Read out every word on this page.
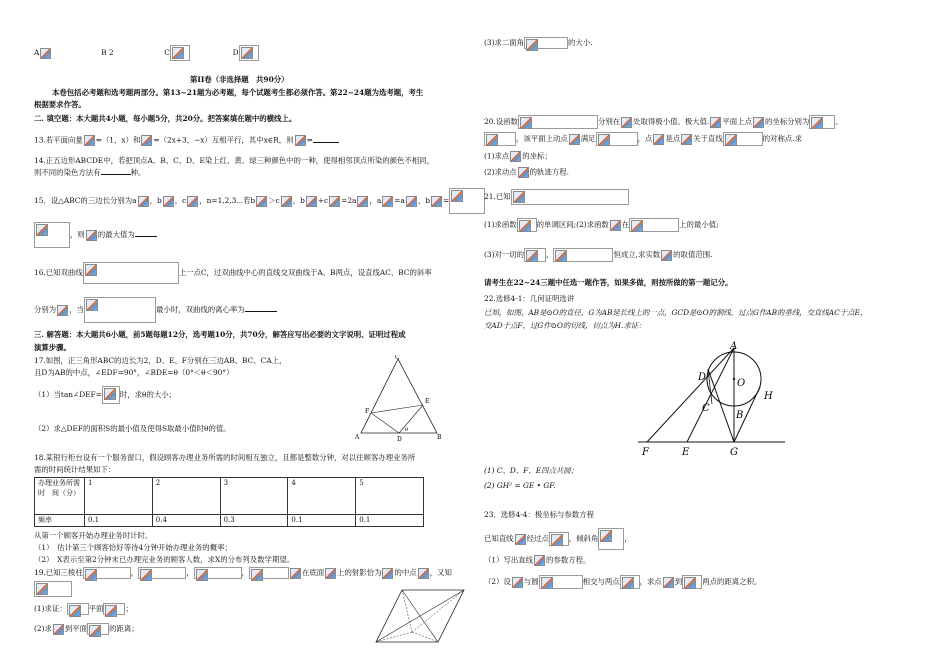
A	B 2	C	D
第II卷（非选择题　共90分）
本卷包括必考题和选考题两部分。第13~21题为必考题，每个试题考生都必须作答。第22~24题为选考题，考生
根据要求作答。
二. 填空题：本大题共4小题，每小题5分，共20分。把答案填在题中的横线上。
13.若平面向量 =（1，x）和 =（2x+3，−x）互相平行，其中x∈R，则 =
14.正五边形ABCDE中，若把顶点A、B、C、D、E染上红、黄、绿三种颜色中的一种，使得相邻顶点所染的颜色不相同，
则不同的染色方法有	种。
15．设△ABC的三边长分别为a ，b ，c ，n=1,2,3⋯若b ＞c ，b +c =2a ，a =a ，b =
，则 的最大值为
16.已知双曲线	上一点C，过双曲线中心的直线交双曲线于A、B两点，设直线AC、BC的斜率
分别为 ，当	最小时，双曲线的离心率为
三. 解答题：本大题共6小题，前5题每题12分，选考题10分，共70分，解答应写出必要的文字说明、证明过程或
演算步骤。
17.如图，正三角形ABC的边长为2，D、E、F分别在三边AB、BC、CA上，
且D为AB的中点，∠EDF=90°，∠BDE=θ（0°＜θ＜90°）
（1）当tan∠DEF= 时，求θ的大小；
（2）求△DEF的面积S的最小值及使得S取最小值时θ的值。
C
A	B
D
E
F
θ
18.某银行柜台设有一个服务窗口，假设顾客办理业务所需的时间相互独立，且都是整数分钟，对以往顾客办理业务所
需的时间统计结果如下：
办理业务所需　时　间（分）	1	2	3	4	5
频率	0.1	0.4	0.3	0.1	0.1
从第一个顾客开始办理业务时计时。
（1）　估计第三个顾客恰好等待4分钟开始办理业务的概率；
（2）　X表示至第2分钟末已办理完业务的顾客人数，求X的分布列及数学期望。
19.已知三棱柱	，	，	，	在底面 上的射影恰为 的中点 ，又知
(1)求证：	平面	；
(2)求 到平面	的距离；
(3)求二面角	的大小.
20.设函数	分别在 处取得极小值、极大值. 平面上点 的坐标分别为	、
，该平面上动点 满足	，点 是点 关于直线	的对称点.求
(1)求点 的坐标；
(2)求动点 的轨迹方程.
21.已知
(1)求函数	的单调区间;(2)求函数 在	上的最小值;
(3)对一切的	，	恒成立,求实数 的取值范围.
请考生在22~24三题中任选一题作答，如果多做，则按所做的第一题记分。
22.选修4-1：几何证明选讲
已知，如图，AB是⊙O的直径，G为AB延长线上的一点，GCD是⊙O的割线，过点G作AB的垂线，交直线AC于点E，
交AD于点F，过G作⊙O的切线，切点为H.求证：
A
D
O
C
B
H
F	E	G
(1) C、D、F、E四点共圆；
(2) GH² = GE • GF.
23．选修4-4：极坐标与参数方程
已知直线 经过点	，倾斜角	，
（1）写出直线 的参数方程。
（2）设 与圆	相交与两点	，求点 到	两点的距离之积。
